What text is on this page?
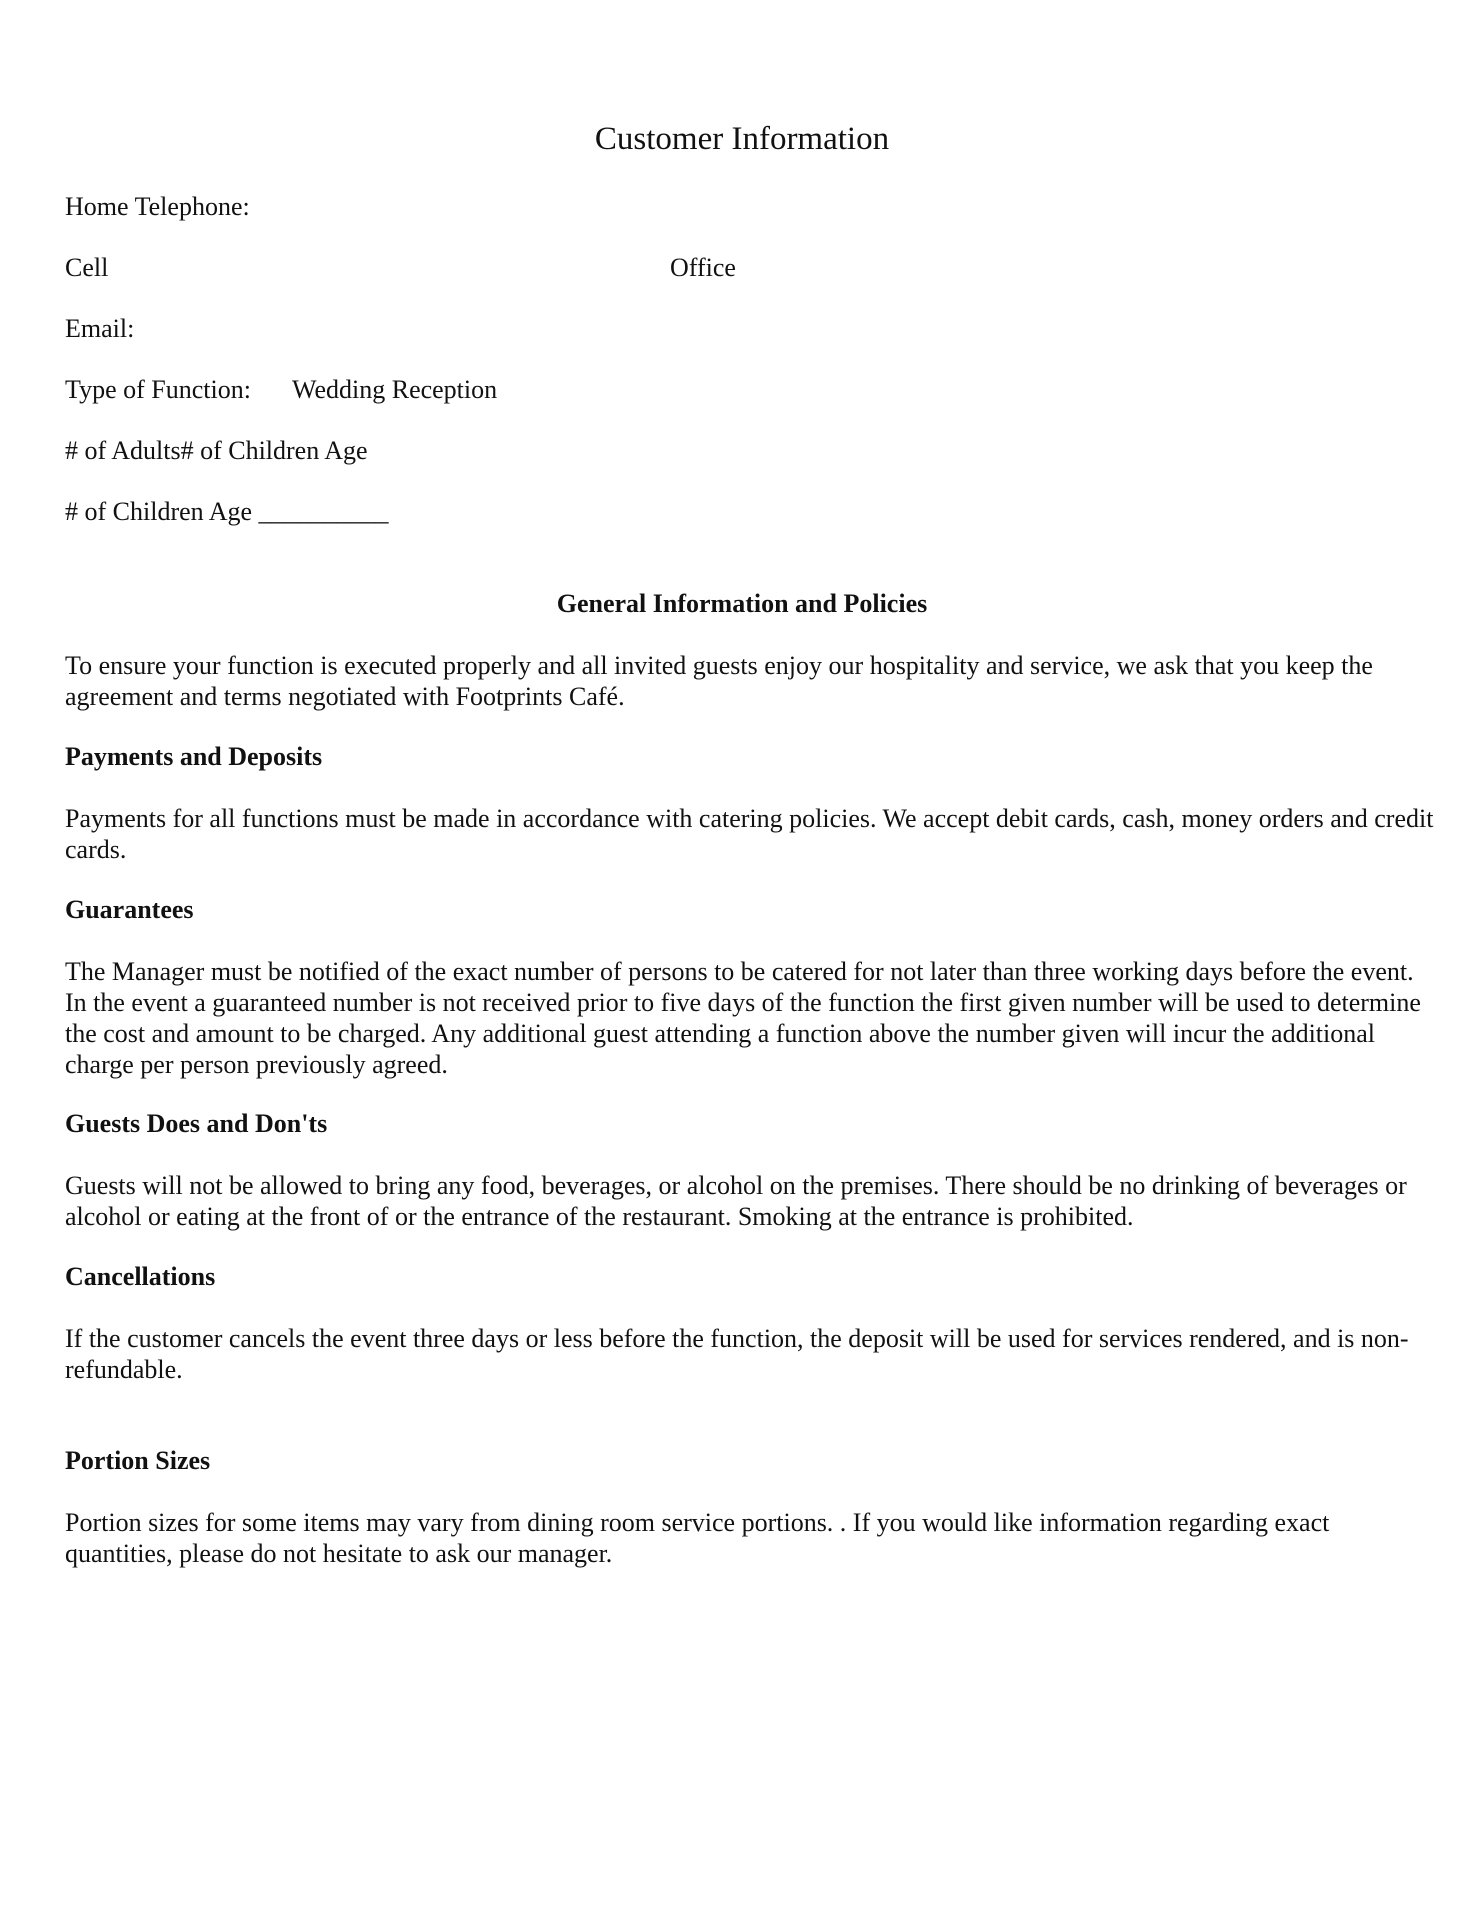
Customer Information
Home Telephone:
Cell	Office
Email:
Type of Function: Wedding Reception
# of Adults# of Children Age
# of Children Age __________
General Information and Policies

To ensure your function is executed properly and all invited guests enjoy our hospitality and service, we ask that you keep the agreement and terms negotiated with Footprints Café.

Payments and Deposits

Payments for all functions must be made in accordance with catering policies. We accept debit cards, cash, money orders and credit cards.

Guarantees

The Manager must be notified of the exact number of persons to be catered for not later than three working days before the event. In the event a guaranteed number is not received prior to five days of the function the first given number will be used to determine the cost and amount to be charged. Any additional guest attending a function above the number given will incur the additional charge per person previously agreed.

Guests Does and Don'ts

Guests will not be allowed to bring any food, beverages, or alcohol on the premises. There should be no drinking of beverages or alcohol or eating at the front of or the entrance of the restaurant. Smoking at the entrance is prohibited.

Cancellations

If the customer cancels the event three days or less before the function, the deposit will be used for services rendered, and is non- refundable.

Portion Sizes

Portion sizes for some items may vary from dining room service portions. . If you would like information regarding exact quantities, please do not hesitate to ask our manager.
